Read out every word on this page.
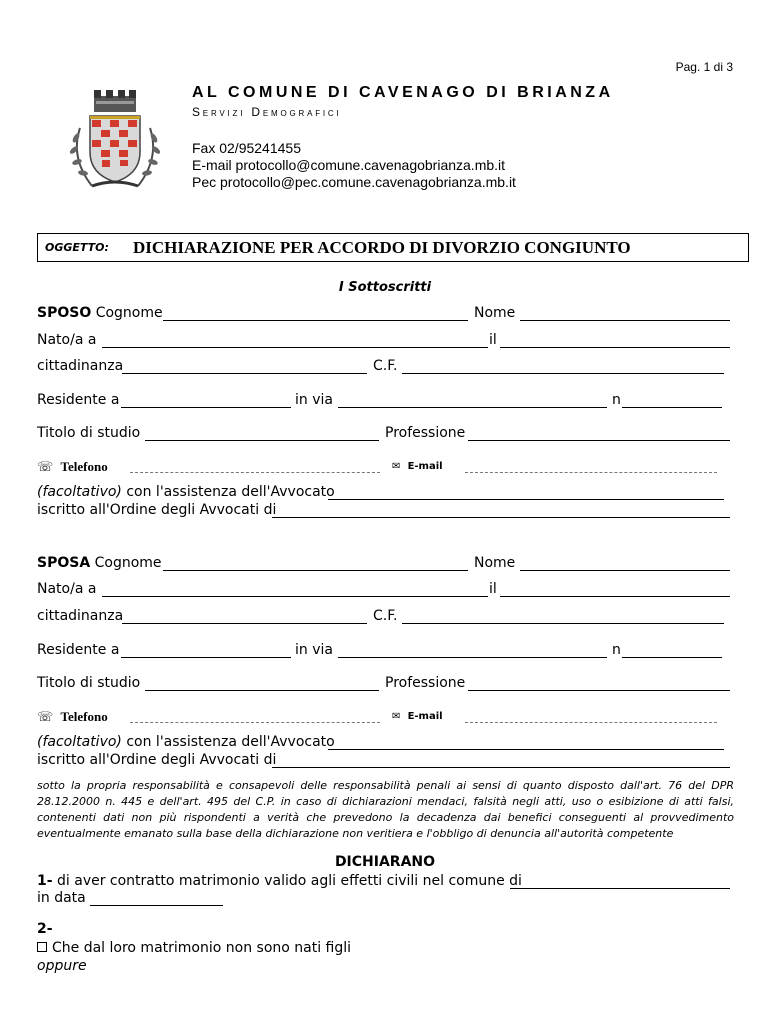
Pag. 1 di 3
AL COMUNE DI CAVENAGO DI BRIANZA
Servizi Demografici
Fax 02/95241455
E-mail protocollo@comune.cavenagobrianza.mb.it
Pec protocollo@pec.comune.cavenagobrianza.mb.it
OGGETTO: DICHIARAZIONE PER ACCORDO DI DIVORZIO CONGIUNTO
I Sottoscritti
SPOSO Cognome	Nome
Nato/a a	il
cittadinanza	C.F.
Residente a	in via	n
Titolo di studio	Professione
☏ Telefono	✉ E-mail
(facoltativo) con l'assistenza dell'Avvocato
iscritto all'Ordine degli Avvocati di
SPOSA Cognome	Nome
Nato/a a	il
cittadinanza	C.F.
Residente a	in via	n
Titolo di studio	Professione
☏ Telefono	✉ E-mail
(facoltativo) con l'assistenza dell'Avvocato
iscritto all'Ordine degli Avvocati di
sotto la propria responsabilità e consapevoli delle responsabilità penali ai sensi di quanto disposto dall'art. 76 del DPR 28.12.2000 n. 445 e dell'art. 495 del C.P. in caso di dichiarazioni mendaci, falsità negli atti, uso o esibizione di atti falsi, contenenti dati non più rispondenti a verità che prevedono la decadenza dai benefici conseguenti al provvedimento eventualmente emanato sulla base della dichiarazione non veritiera e l'obbligo di denuncia all'autorità competente
DICHIARANO
1- di aver contratto matrimonio valido agli effetti civili nel comune di
in data
2-
Che dal loro matrimonio non sono nati figli
oppure
